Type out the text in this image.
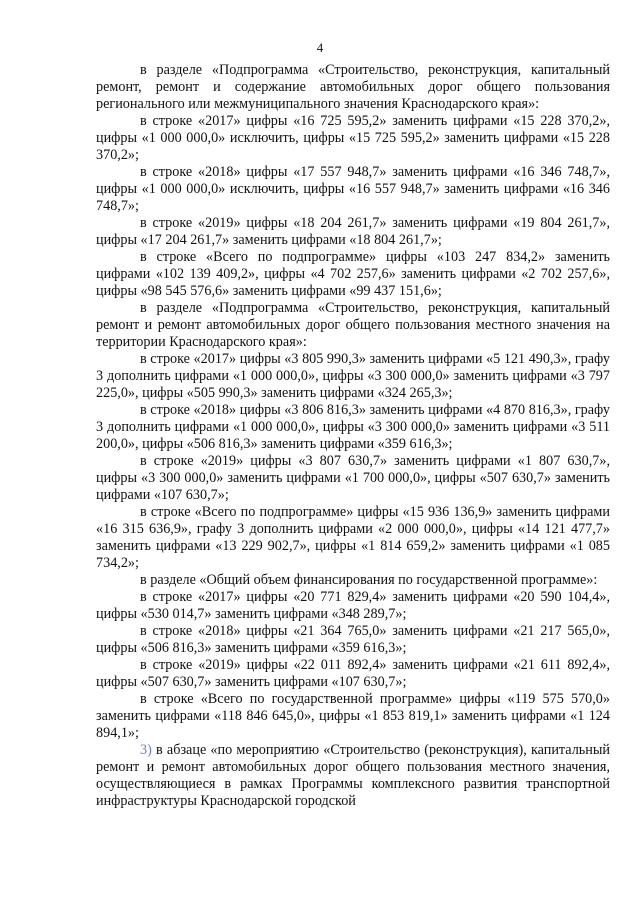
4

в разделе «Подпрограмма «Строительство, реконструкция, капитальный ремонт, ремонт и содержание автомобильных дорог общего пользования регионального или межмуниципального значения Краснодарского края»:

в строке «2017» цифры «16 725 595,2» заменить цифрами «15 228 370,2», цифры «1 000 000,0» исключить, цифры «15 725 595,2» заменить цифрами «15 228 370,2»;

в строке «2018» цифры «17 557 948,7» заменить цифрами «16 346 748,7», цифры «1 000 000,0» исключить, цифры «16 557 948,7» заменить цифрами «16 346 748,7»;

в строке «2019» цифры «18 204 261,7» заменить цифрами «19 804 261,7», цифры «17 204 261,7» заменить цифрами «18 804 261,7»;

в строке «Всего по подпрограмме» цифры «103 247 834,2» заменить цифрами «102 139 409,2», цифры «4 702 257,6» заменить цифрами «2 702 257,6», цифры «98 545 576,6» заменить цифрами «99 437 151,6»;

в разделе «Подпрограмма «Строительство, реконструкция, капитальный ремонт и ремонт автомобильных дорог общего пользования местного значения на территории Краснодарского края»:

в строке «2017» цифры «3 805 990,3» заменить цифрами «5 121 490,3», графу 3 дополнить цифрами «1 000 000,0», цифры «3 300 000,0» заменить цифрами «3 797 225,0», цифры «505 990,3» заменить цифрами «324 265,3»;

в строке «2018» цифры «3 806 816,3» заменить цифрами «4 870 816,3», графу 3 дополнить цифрами «1 000 000,0», цифры «3 300 000,0» заменить цифрами «3 511 200,0», цифры «506 816,3» заменить цифрами «359 616,3»;

в строке «2019» цифры «3 807 630,7» заменить цифрами «1 807 630,7», цифры «3 300 000,0» заменить цифрами «1 700 000,0», цифры «507 630,7» заменить цифрами «107 630,7»;

в строке «Всего по подпрограмме» цифры «15 936 136,9» заменить цифрами «16 315 636,9», графу 3 дополнить цифрами «2 000 000,0», цифры «14 121 477,7» заменить цифрами «13 229 902,7», цифры «1 814 659,2» заменить цифрами «1 085 734,2»;

в разделе «Общий объем финансирования по государственной программе»:

в строке «2017» цифры «20 771 829,4» заменить цифрами «20 590 104,4», цифры «530 014,7» заменить цифрами «348 289,7»;

в строке «2018» цифры «21 364 765,0» заменить цифрами «21 217 565,0», цифры «506 816,3» заменить цифрами «359 616,3»;

в строке «2019» цифры «22 011 892,4» заменить цифрами «21 611 892,4», цифры «507 630,7» заменить цифрами «107 630,7»;

в строке «Всего по государственной программе» цифры «119 575 570,0» заменить цифрами «118 846 645,0», цифры «1 853 819,1» заменить цифрами «1 124 894,1»;

3) в абзаце «по мероприятию «Строительство (реконструкция), капитальный ремонт и ремонт автомобильных дорог общего пользования местного значения, осуществляющиеся в рамках Программы комплексного развития транспортной инфраструктуры Краснодарской городской
